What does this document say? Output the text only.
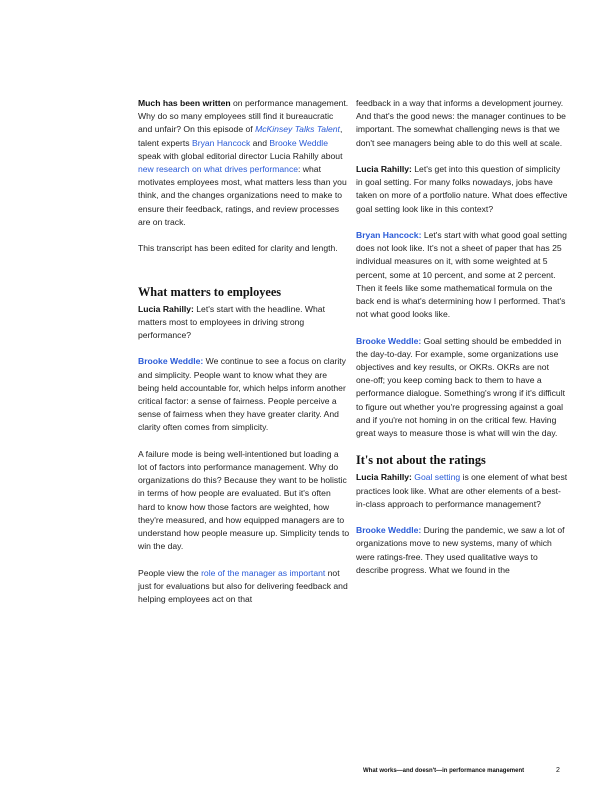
Much has been written on performance management. Why do so many employees still find it bureaucratic and unfair? On this episode of McKinsey Talks Talent, talent experts Bryan Hancock and Brooke Weddle speak with global editorial director Lucia Rahilly about new research on what drives performance: what motivates employees most, what matters less than you think, and the changes organizations need to make to ensure their feedback, ratings, and review processes are on track.

This transcript has been edited for clarity and length.

What matters to employees

Lucia Rahilly: Let's start with the headline. What matters most to employees in driving strong performance?

Brooke Weddle: We continue to see a focus on clarity and simplicity. People want to know what they are being held accountable for, which helps inform another critical factor: a sense of fairness. People perceive a sense of fairness when they have greater clarity. And clarity often comes from simplicity.

A failure mode is being well-intentioned but loading a lot of factors into performance management. Why do organizations do this? Because they want to be holistic in terms of how people are evaluated. But it's often hard to know how those factors are weighted, how they're measured, and how equipped managers are to understand how people measure up. Simplicity tends to win the day.

People view the role of the manager as important not just for evaluations but also for delivering feedback and helping employees act on that

feedback in a way that informs a development journey. And that's the good news: the manager continues to be important. The somewhat challenging news is that we don't see managers being able to do this well at scale.

Lucia Rahilly: Let's get into this question of simplicity in goal setting. For many folks nowadays, jobs have taken on more of a portfolio nature. What does effective goal setting look like in this context?

Bryan Hancock: Let's start with what good goal setting does not look like. It's not a sheet of paper that has 25 individual measures on it, with some weighted at 5 percent, some at 10 percent, and some at 2 percent. Then it feels like some mathematical formula on the back end is what's determining how I performed. That's not what good looks like.

Brooke Weddle: Goal setting should be embedded in the day-to-day. For example, some organizations use objectives and key results, or OKRs. OKRs are not one-off; you keep coming back to them to have a performance dialogue. Something's wrong if it's difficult to figure out whether you're progressing against a goal and if you're not homing in on the critical few. Having great ways to measure those is what will win the day.

It's not about the ratings

Lucia Rahilly: Goal setting is one element of what best practices look like. What are other elements of a best-in-class approach to performance management?

Brooke Weddle: During the pandemic, we saw a lot of organizations move to new systems, many of which were ratings-free. They used qualitative ways to describe progress. What we found in the

What works—and doesn't—in performance management	2
